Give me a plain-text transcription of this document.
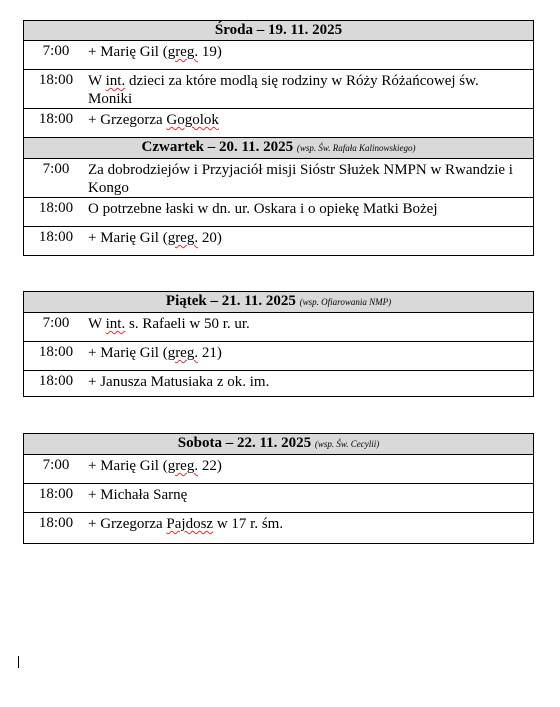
Środa – 19. 11. 2025
7:00 + Marię Gil (greg. 19)
18:00 W int. dzieci za które modlą się rodziny w Róży Różańcowej św. Moniki
18:00 + Grzegorza Gogolok
Czwartek – 20. 11. 2025 (wsp. Św. Rafała Kalinowskiego)
7:00 Za dobrodziejów i Przyjaciół misji Sióstr Służek NMPN w Rwandzie i Kongo
18:00 O potrzebne łaski w dn. ur. Oskara i o opiekę Matki Bożej
18:00 + Marię Gil (greg. 20)
Piątek – 21. 11. 2025 (wsp. Ofiarowania NMP)
7:00 W int. s. Rafaeli w 50 r. ur.
18:00 + Marię Gil (greg. 21)
18:00 + Janusza Matusiaka z ok. im.
Sobota – 22. 11. 2025 (wsp. Św. Cecylii)
7:00 + Marię Gil (greg. 22)
18:00 + Michała Sarnę
18:00 + Grzegorza Pajdosz w 17 r. śm.
